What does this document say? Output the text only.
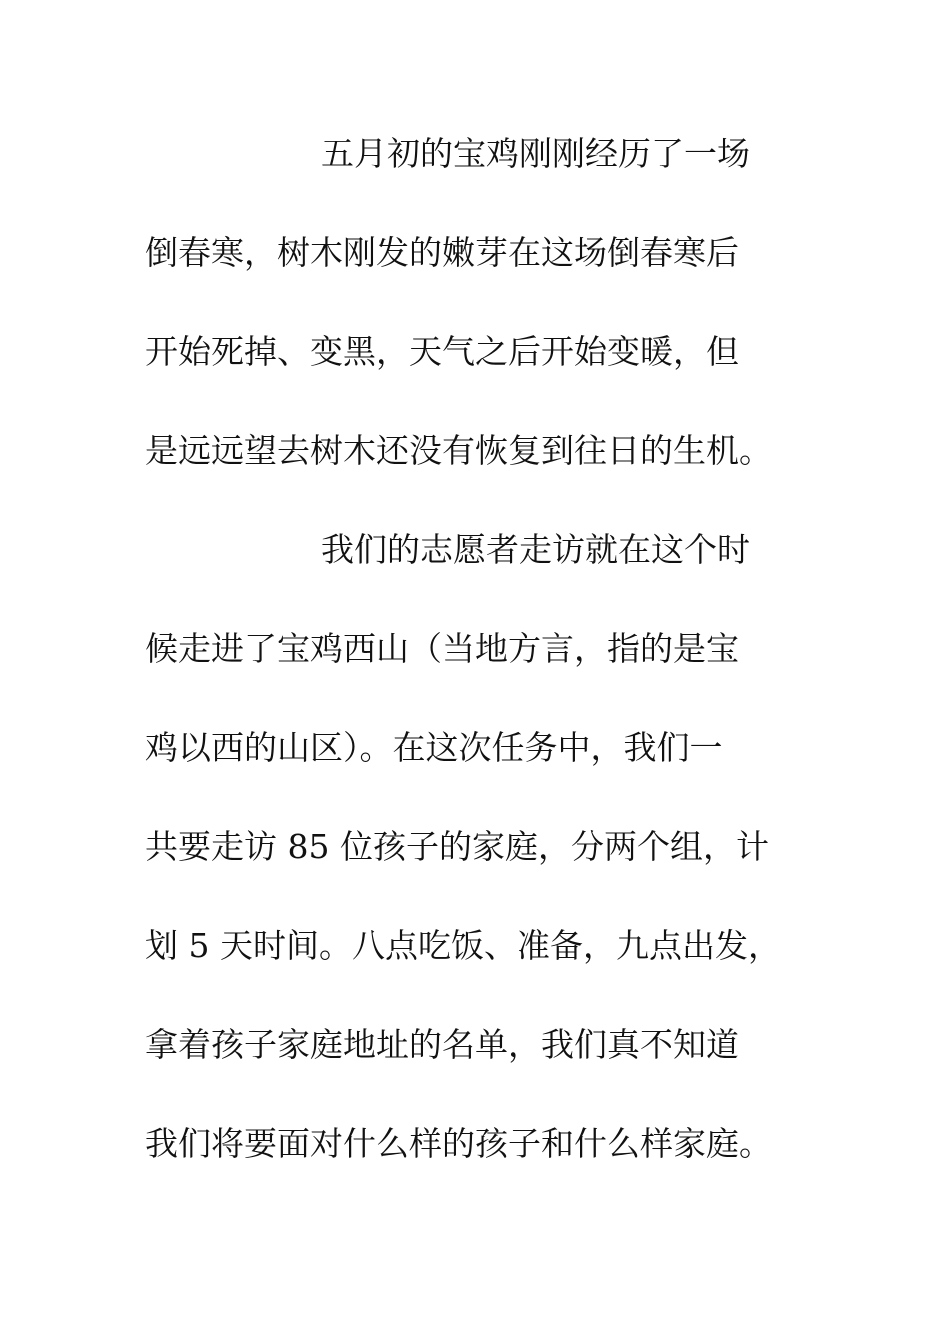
五月初的宝鸡刚刚经历了一场
倒春寒，树木刚发的嫩芽在这场倒春寒后
开始死掉、变黑，天气之后开始变暖，但
是远远望去树木还没有恢复到往日的生机。
我们的志愿者走访就在这个时
候走进了宝鸡西山（当地方言，指的是宝
鸡以西的山区）。在这次任务中，我们一
共要走访 85 位孩子的家庭，分两个组，计
划 5 天时间。八点吃饭、准备，九点出发，
拿着孩子家庭地址的名单，我们真不知道
我们将要面对什么样的孩子和什么样家庭。
